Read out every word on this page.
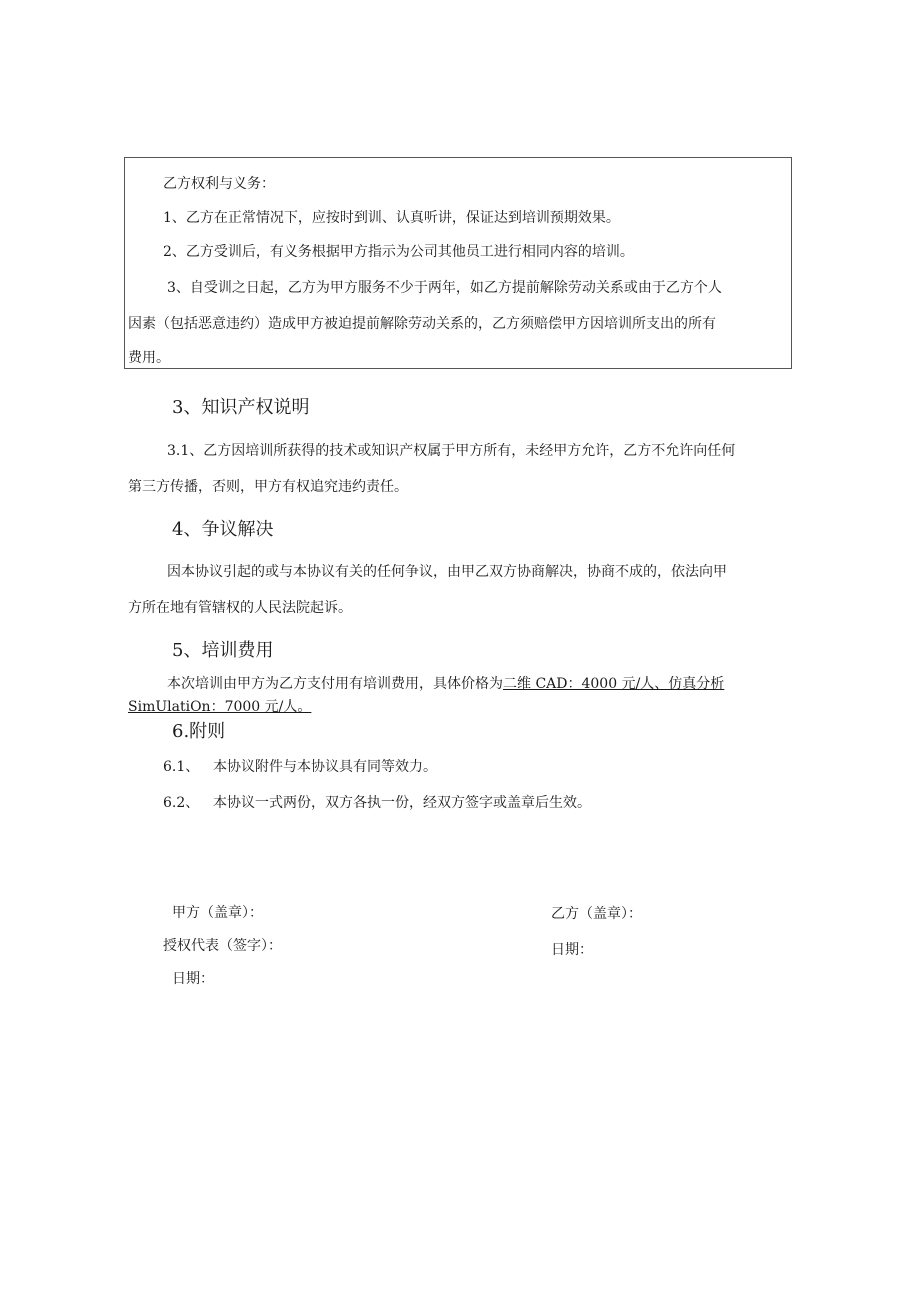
乙方权利与义务：
1、乙方在正常情况下，应按时到训、认真听讲，保证达到培训预期效果。
2、乙方受训后，有义务根据甲方指示为公司其他员工进行相同内容的培训。
3、自受训之日起，乙方为甲方服务不少于两年，如乙方提前解除劳动关系或由于乙方个人
因素（包括恶意违约）造成甲方被迫提前解除劳动关系的，乙方须赔偿甲方因培训所支出的所有
费用。
3、知识产权说明
3.1、乙方因培训所获得的技术或知识产权属于甲方所有，未经甲方允许，乙方不允许向任何
第三方传播，否则，甲方有权追究违约责任。
4、争议解决
因本协议引起的或与本协议有关的任何争议，由甲乙双方协商解决，协商不成的，依法向甲
方所在地有管辖权的人民法院起诉。
5、培训费用
本次培训由甲方为乙方支付用有培训费用，具体价格为二维 CAD：4000 元/人、仿真分析
SimUlatiOn：7000 元/人。
6.附则
6.1、 本协议附件与本协议具有同等效力。
6.2、 本协议一式两份，双方各执一份，经双方签字或盖章后生效。
甲方（盖章）：
授权代表（签字）：
日期：
乙方（盖章）：
日期：
